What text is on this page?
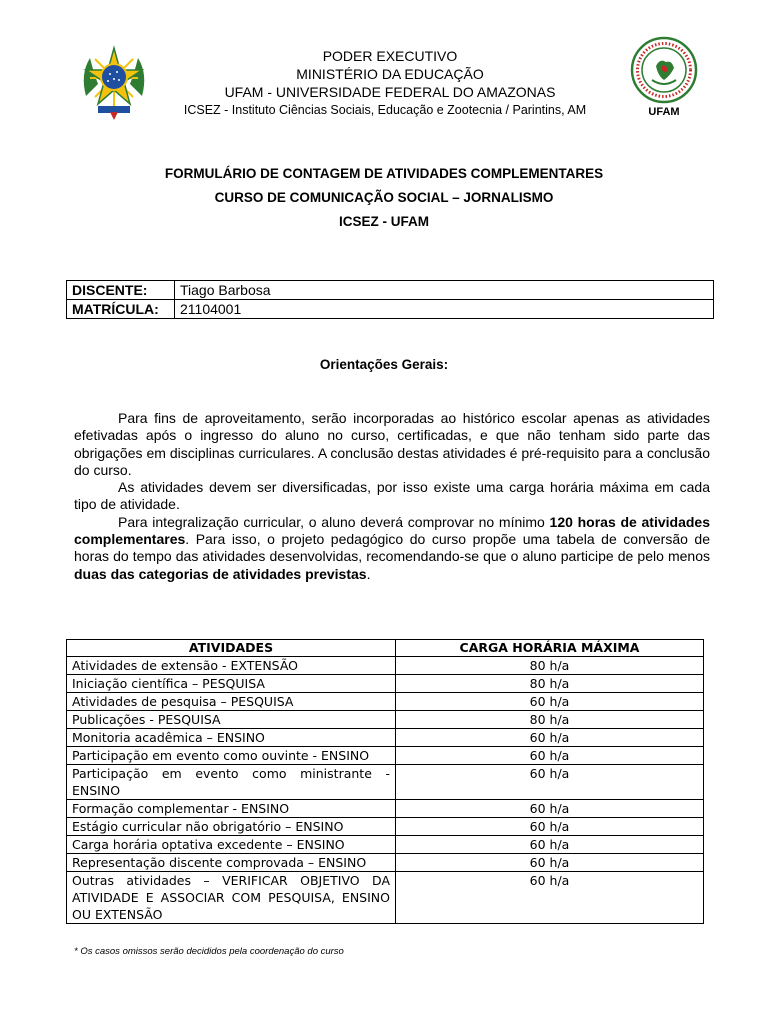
PODER EXECUTIVO
MINISTÉRIO DA EDUCAÇÃO
UFAM - UNIVERSIDADE FEDERAL DO AMAZONAS
ICSEZ - Instituto Ciências Sociais, Educação e Zootecnia / Parintins, AM	UFAM
FORMULÁRIO DE CONTAGEM DE ATIVIDADES COMPLEMENTARES
CURSO DE COMUNICAÇÃO SOCIAL – JORNALISMO
ICSEZ - UFAM
DISCENTE:	Tiago Barbosa
MATRÍCULA:	21104001
Orientações Gerais:

Para fins de aproveitamento, serão incorporadas ao histórico escolar apenas as atividades efetivadas após o ingresso do aluno no curso, certificadas, e que não tenham sido parte das obrigações em disciplinas curriculares. A conclusão destas atividades é pré-requisito para a conclusão do curso.

As atividades devem ser diversificadas, por isso existe uma carga horária máxima em cada tipo de atividade.

Para integralização curricular, o aluno deverá comprovar no mínimo 120 horas de atividades complementares. Para isso, o projeto pedagógico do curso propõe uma tabela de conversão de horas do tempo das atividades desenvolvidas, recomendando-se que o aluno participe de pelo menos duas das categorias de atividades previstas.

ATIVIDADES	CARGA HORÁRIA MÁXIMA
Atividades de extensão - EXTENSÃO	80 h/a
Iniciação científica – PESQUISA	80 h/a
Atividades de pesquisa – PESQUISA	60 h/a
Publicações - PESQUISA	80 h/a
Monitoria acadêmica – ENSINO	60 h/a
Participação em evento como ouvinte - ENSINO	60 h/a
Participação em evento como ministrante - ENSINO	60 h/a
Formação complementar - ENSINO	60 h/a
Estágio curricular não obrigatório – ENSINO	60 h/a
Carga horária optativa excedente – ENSINO	60 h/a
Representação discente comprovada – ENSINO	60 h/a
Outras atividades – VERIFICAR OBJETIVO DA ATIVIDADE E ASSOCIAR COM PESQUISA, ENSINO OU EXTENSÃO	60 h/a
* Os casos omissos serão decididos pela coordenação do curso
